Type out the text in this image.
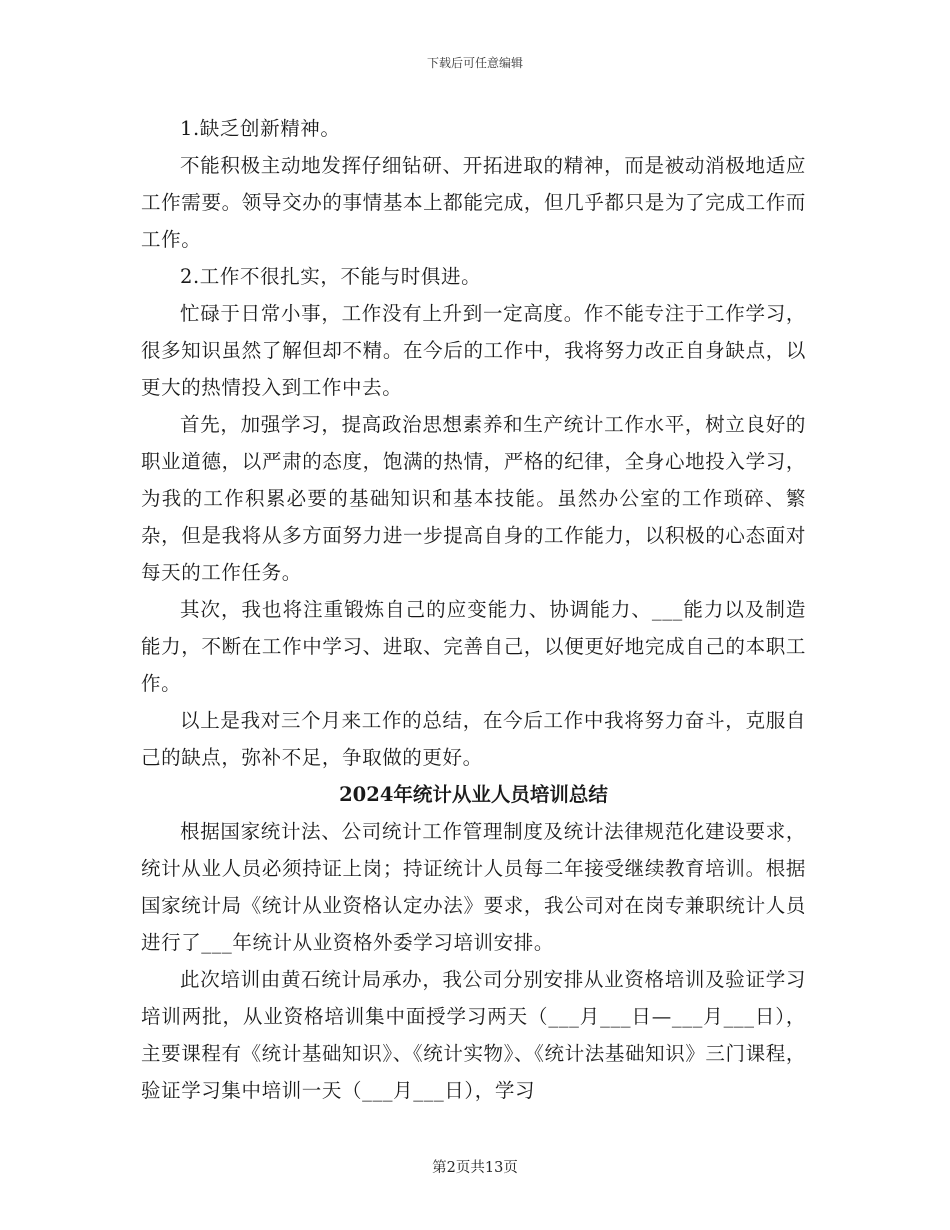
下载后可任意编辑

1.缺乏创新精神。

不能积极主动地发挥仔细钻研、开拓进取的精神，而是被动消极地适应工作需要。领导交办的事情基本上都能完成，但几乎都只是为了完成工作而工作。

2.工作不很扎实，不能与时俱进。

忙碌于日常小事，工作没有上升到一定高度。作不能专注于工作学习，很多知识虽然了解但却不精。在今后的工作中，我将努力改正自身缺点，以更大的热情投入到工作中去。

首先，加强学习，提高政治思想素养和生产统计工作水平，树立良好的职业道德，以严肃的态度，饱满的热情，严格的纪律，全身心地投入学习，为我的工作积累必要的基础知识和基本技能。虽然办公室的工作琐碎、繁杂，但是我将从多方面努力进一步提高自身的工作能力，以积极的心态面对每天的工作任务。

其次，我也将注重锻炼自己的应变能力、协调能力、___能力以及制造能力，不断在工作中学习、进取、完善自己，以便更好地完成自己的本职工作。

以上是我对三个月来工作的总结，在今后工作中我将努力奋斗，克服自己的缺点，弥补不足，争取做的更好。

2024年统计从业人员培训总结

根据国家统计法、公司统计工作管理制度及统计法律规范化建设要求，统计从业人员必须持证上岗；持证统计人员每二年接受继续教育培训。根据国家统计局《统计从业资格认定办法》要求，我公司对在岗专兼职统计人员进行了___年统计从业资格外委学习培训安排。

此次培训由黄石统计局承办，我公司分别安排从业资格培训及验证学习培训两批，从业资格培训集中面授学习两天（___月___日—___月___日），主要课程有《统计基础知识》、《统计实物》、《统计法基础知识》三门课程，验证学习集中培训一天（___月___日），学习

第2页共13页
